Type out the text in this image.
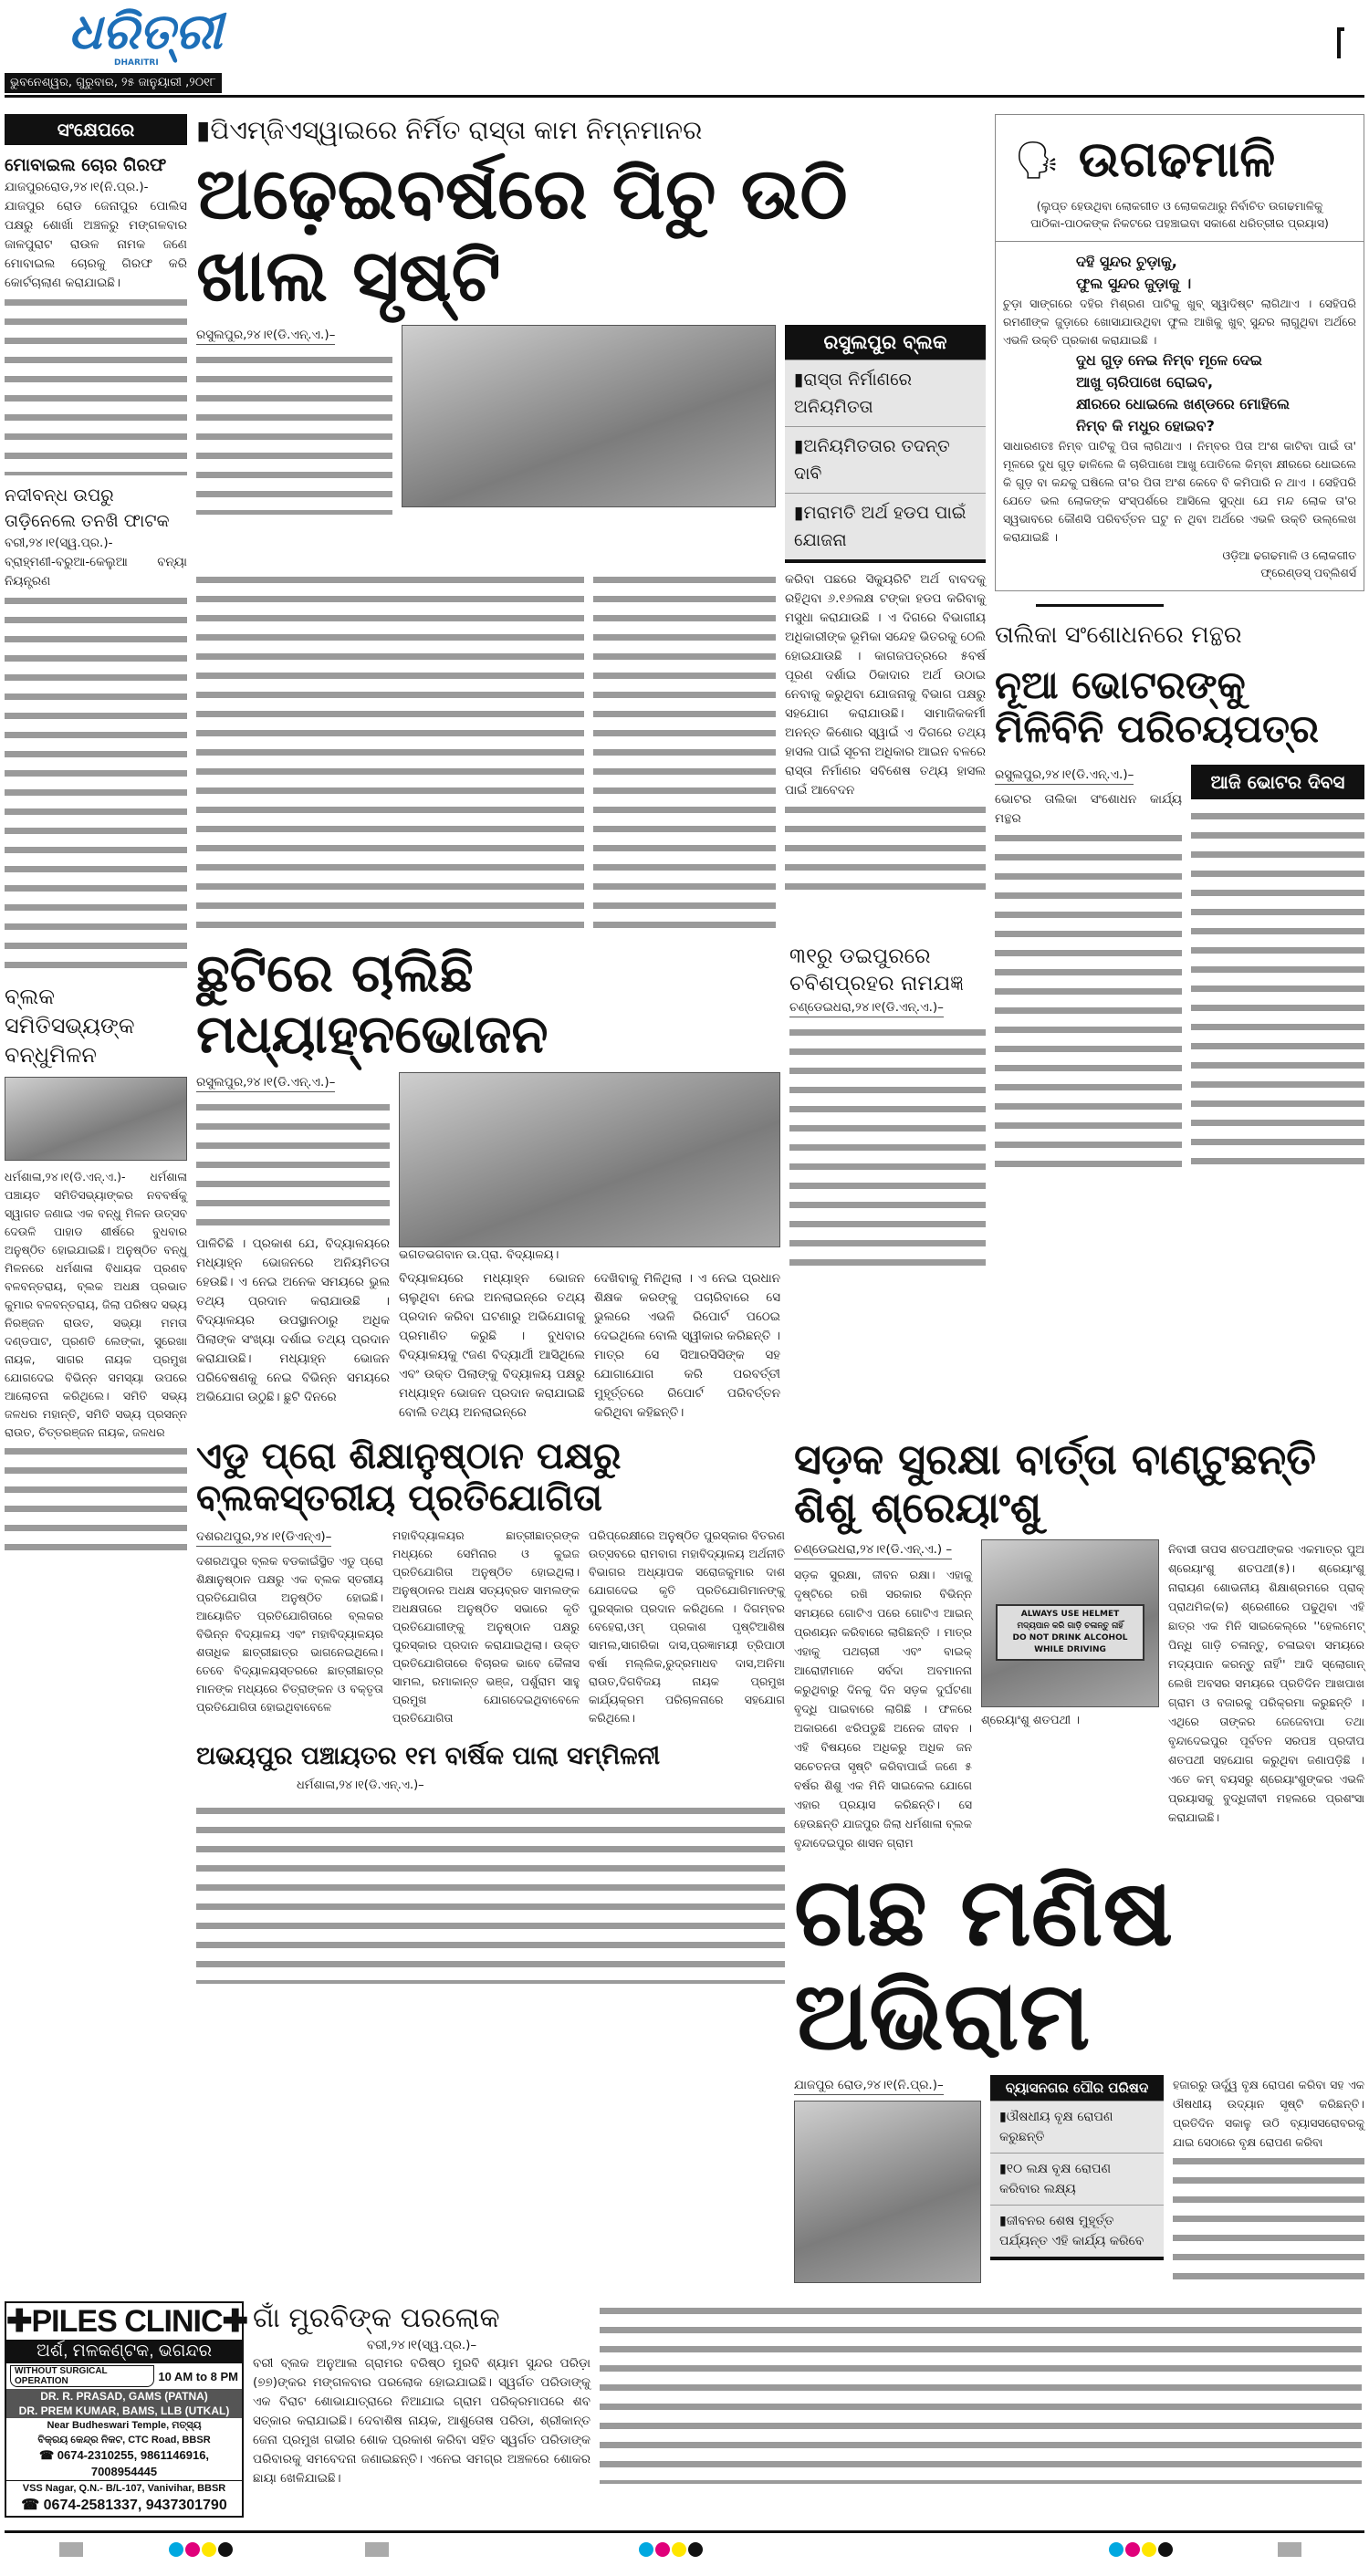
ଧରିତ୍ରୀ
DHARITRI
ଭୁବନେଶ୍ୱର, ଗୁରୁବାର, ୨୫ ଜାନୁୟାରୀ ,୨୦୧୮
ସଂକ୍ଷେପରେ
ମୋବାଇଲ ଚୋର ଗିରଫ
ଯାଜପୁରରୋଡ,୨୪।୧(ନି.ପ୍ର.)- ଯାଜପୁର ରୋଡ ଜେନାପୁର ପୋଲିସ ପକ୍ଷରୁ ଶୋର୍ଖା ଅଞ୍ଚଳରୁ ମଙ୍ଗଳବାର ଜାଳପୁରାଟ ରାଉଳ ନାମକ ଜଣେ ମୋବାଇଲ ଚୋରକୁ ଗିରଫ କରି କୋର୍ଟଚାଲାଣ କରାଯାଇଛି।
ନଦୀବନ୍ଧ ଉପରୁ ତାଡ଼ିନେଲେ ତନଖି ଫାଟକ
ବରୀ,୨୪।୧(ସ୍ୱ.ପ୍ର.)-
ବ୍ରାହ୍ମଣୀ-ବରୁଆ-କେଲୁଆ ବନ୍ୟା ନିୟନ୍ତ୍ରଣ
ବ୍ଲକ ସମିତିସଭ୍ୟଙ୍କ ବନ୍ଧୁମିଳନ
ଧର୍ମଶାଳା,୨୪।୧(ଡି.ଏନ୍.ଏ.)- ଧର୍ମଶାଳା ପଞ୍ଚାୟତ ସମିତିସଭ୍ୟାଙ୍କର ନବବର୍ଷକୁ ସ୍ୱାଗତ ଜଣାଇ ଏକ ବନ୍ଧୁ ମିଳନ ଉତ୍ସବ ଦେଉଳି ପାହାଡ ଶୀର୍ଷରେ ବୁଧବାର ଅନୁଷ୍ଠିତ ହୋଇଯାଇଛି। ଅନୁଷ୍ଠିତ ବନ୍ଧୁ ମିଳନରେ ଧର୍ମଶାଳା ବିଧାୟକ ପ୍ରଣବ ବଳବନ୍ତରାୟ, ବ୍ଲକ ଅଧକ୍ଷ ପ୍ରଭାତ କୁମାର ବଳବନ୍ତରାୟ, ଜିଲା ପରିଷଦ ସଭ୍ୟ ନିରଞ୍ଜନ ରାଉତ, ସଭ୍ୟା ମମତା ଦଣ୍ଡପାଟ, ପ୍ରଣତି ଲେଙ୍କା, ସୁରେଖା ନାୟକ, ସାଗର ନାୟକ ପ୍ରମୁଖ ଯୋଗଦେଇ ବିଭିନ୍ନ ସମସ୍ୟା ଉପରେ ଆଲୋଚନା କରିଥିଲେ। ସମିତି ସଭ୍ୟ ଜଳଧର ମହାନ୍ତି, ସମିତି ସଭ୍ୟ ପ୍ରସନ୍ନ ରାଉତ, ଚିତ୍ତରଞ୍ଜନ ନାୟକ, ଜଳଧର
▮ପିଏମ୍‌ଜିଏସ୍‌ୱାଇରେ ନିର୍ମିତ ରାସ୍ତା କାମ ନିମ୍ନମାନର
ଅଢ଼େଇବର୍ଷରେ ପିଚୁ ଉଠି ଖାଲ ସୃଷ୍ଟି
ରସୁଲପୁର,୨୪।୧(ଡି.ଏନ୍.ଏ.)–	ରସୁଲପୁର ବ୍ଲକ
▮ରାସ୍ତା ନିର୍ମାଣରେ ଅନିୟମିତତା
▮ଅନିୟମିତତାର ତଦନ୍ତ ଦାବି
▮ମରାମତି ଅର୍ଥ ହଡପ ପାଇଁ ଯୋଜନା
କରିବା ପଛରେ ସିକ୍ୟୁରିଟି ଅର୍ଥ ବାବଦକୁ ରହିଥିବା ୬.୧୬ଲକ୍ଷ ଟଙ୍କା ହଡପ କରିବାକୁ ମସୁଧା କରାଯାଉଛି । ଏ ଦିଗରେ ବିଭାଗୀୟ ଅଧିକାରୀଙ୍କ ଭୂମିକା ସନ୍ଦେହ ଭିତରକୁ ଠେଲି ହୋଇଯାଉଛି । କାଗଜପତ୍ରରେ ୫ବର୍ଷ ପୂରଣ ଦର୍ଶାଇ ଠିକାଦାର ଅର୍ଥ ଉଠାଇ ନେବାକୁ କରୁଥିବା ଯୋଜନାକୁ ବିଭାଗ ପକ୍ଷରୁ ସହଯୋଗ କରାଯାଉଛି। ସାମାଜିକକର୍ମୀ ଅନନ୍ତ କିଶୋର ସ୍ୱାଇଁ ଏ ଦିଗରେ ତଥ୍ୟ ହାସଲ ପାଇଁ ସୂଚନା ଅଧିକାର ଆଇନ ବଳରେ ରାସ୍ତା ନିର୍ମାଣର ସବିଶେଷ ତଥ୍ୟ ହାସଲ ପାଇଁ ଆବେଦନ
ଛୁଟିରେ ଚାଲିଛି ମଧ୍ୟାହ୍ନଭୋଜନ
ରସୁଲପୁର,୨୪।୧(ଡି.ଏନ୍.ଏ.)–
ପାଳିଚିଛି । ପ୍ରକାଶ ଯେ, ବିଦ୍ୟାଳୟରେ ମଧ୍ୟାହ୍ନ ଭୋଜନରେ ଅନିୟମିତତା ହେଉଛି। ଏ ନେଇ ଅନେକ ସମୟରେ ଭୁଲ ତଥ୍ୟ ପ୍ରଦାନ କରାଯାଉଛି । ବିଦ୍ୟାଳୟର ଉପସ୍ଥାନଠାରୁ ଅଧିକ ପିଲାଙ୍କ ସଂଖ୍ୟା ଦର୍ଶାଇ ତଥ୍ୟ ପ୍ରଦାନ କରାଯାଉଛି। ମଧ୍ୟାହ୍ନ ଭୋଜନ ପରିବେଷଣକୁ ନେଇ ବିଭିନ୍ନ ସମୟରେ ଅଭିଯୋଗ ଉଠୁଛି। ଛୁଟି ଦିନରେ
ଭଗତଭଗବାନ ଉ.ପ୍ରା. ବିଦ୍ୟାଳୟ।
ବିଦ୍ୟାଳୟରେ ମଧ୍ୟାହ୍ନ ଭୋଜନ ଚାଲୁଥିବା ନେଇ ଅନଲାଇନ୍‌ରେ ତଥ୍ୟ ପ୍ରଦାନ କରିବା ଘଟଣାରୁ ଅଭିଯୋଗକୁ ପ୍ରମାଣିତ କରୁଛି । ବୁଧବାର ବିଦ୍ୟାଳୟକୁ ୯ଜଣ ବିଦ୍ୟାର୍ଥୀ ଆସିଥିଲେ ଏବଂ ଉକ୍ତ ପିଲାଙ୍କୁ ବିଦ୍ୟାଳୟ ପକ୍ଷରୁ ମଧ୍ୟାହ୍ନ ଭୋଜନ ପ୍ରଦାନ କରାଯାଇଛି ବୋଲି ତଥ୍ୟ ଅନଲାଇନ୍‌ରେ
ଦେଖିବାକୁ ମିଳିଥିଲା । ଏ ନେଇ ପ୍ରଧାନ ଶିକ୍ଷକ କରଙ୍କୁ ପଚାରିବାରେ ସେ ଭୁଲରେ ଏଭଳି ରିପୋର୍ଟ ପଠେଇ ଦେଇଥିଲେ ବୋଲି ସ୍ୱୀକାର କରିଛନ୍ତି । ମାତ୍ର ସେ ସିଆରସିସିଙ୍କ ସହ ଯୋଗାଯୋଗ କରି ପରବର୍ତ୍ତୀ ମୁହୂର୍ତ୍ତରେ ରିପୋର୍ଟ ପରିବର୍ତ୍ତନ କରିଥିବା କହିଛନ୍ତି।
୩୧ରୁ ଡଇପୁରରେ ଚବିଶପ୍ରହର ନାମଯଜ୍ଞ
ଚଣ୍ଡେଇଧରା,୨୪।୧(ଡି.ଏନ୍.ଏ.)–
🗣 ଉଗଢମାଳି
(ଲୁପ୍ତ ହେଉଥିବା ଲୋକଗୀତ ଓ ଲୋକକଥାରୁ ନିର୍ବାଚିତ ଉଗଢମାଳିକୁ ପାଠିକା-ପାଠକଙ୍କ ନିକଟରେ ପହଞ୍ଚାଇବା ସକାଶେ ଧରିତ୍ରୀର ପ୍ରୟାସ)
ଦହି ସୁନ୍ଦର ଚୁଡ଼ାକୁ,
ଫୁଲ ସୁନ୍ଦର ଜୁଡ଼ାକୁ ।
ଚୁଡ଼ା ସାଙ୍ଗରେ ଦହିର ମିଶ୍ରଣ ପାଟିକୁ ଖୁବ୍ ସ୍ୱାଦିଷ୍ଟ ଲାଗିଥାଏ । ସେହିପରି ରମଣୀଙ୍କ ଜୁଡ଼ାରେ ଖୋସାଯାଉଥିବା ଫୁଲ ଆଖିକୁ ଖୁବ୍ ସୁନ୍ଦର ଲାଗୁଥିବା ଅର୍ଥରେ ଏଭଳି ଉକ୍ତି ପ୍ରକାଶ କରାଯାଇଛି ।
ଦୁଧ ଗୁଡ଼ ନେଇ ନିମ୍ବ ମୂଳେ ଦେଇ
ଆଖୁ ଚାରିପାଖେ ରୋଇବ,
କ୍ଷୀରରେ ଧୋଇଲେ ଖଣ୍ଡରେ ମୋହିଲେ
ନିମ୍ବ କି ମଧୁର ହୋଇବ?
ସାଧାରଣତଃ ନିମ୍ବ ପାଟିକୁ ପିତା ଲାଗିଥାଏ । ନିମ୍ବର ପିତା ଅଂଶ କାଟିବା ପାଇଁ ତା' ମୂଳରେ ଦୁଧ ଗୁଡ଼ ଢାଳିଲେ କି ଚାରିପାଖେ ଆଖୁ ପୋତିଲେ କିମ୍ବା କ୍ଷୀରରେ ଧୋଇଲେ କି ଗୁଡ଼ ବା କନ୍ଦକୁ ଘଷିଲେ ତା'ର ପିତା ଅଂଶ କେବେ ବି କମିପାରି ନ ଥାଏ । ସେହିପରି ଯେତେ ଭଲ ଲୋକଙ୍କ ସଂସ୍ପର୍ଶରେ ଆସିଲେ ସୁଦ୍ଧା ଯେ ମନ୍ଦ ଲୋକ ତା'ର ସ୍ୱଭାବରେ କୌଣସି ପରିବର୍ତ୍ତନ ଘଟୁ ନ ଥିବା ଅର୍ଥରେ ଏଭଳି ଉକ୍ତି ଉଲ୍ଲେଖ କରାଯାଇଛି ।
ଓଡ଼ିଆ ଢଗଢମାଳି ଓ ଲୋକଗୀତ
ଫ୍ରେଣ୍ଡସ୍ ପବ୍ଲିଶର୍ସ
ତାଲିକା ସଂଶୋଧନରେ ମନ୍ଥର
ନୂଆ ଭୋଟରଙ୍କୁ ମିଳିବିନି ପରିଚୟପତ୍ର
ରସୁଲପୁର,୨୪।୧(ଡି.ଏନ୍.ଏ.)–
ଭୋଟର ତାଲିକା ସଂଶୋଧନ କାର୍ଯ୍ୟ ମନ୍ଥର
ଆଜି ଭୋଟର ଦିବସ
ଏଡୁ ପ୍ରୋ ଶିକ୍ଷାନୁଷ୍ଠାନ ପକ୍ଷରୁ ବ୍ଲକସ୍ତରୀୟ ପ୍ରତିଯୋଗିତା
ଦଶରଥପୁର,୨୪।୧(ଡିଏନ୍‌ଏ)–
ଦଶରଥପୁର ବ୍ଲକ ବଡକାଇଁସ୍ଥିତ ଏଡୁ ପ୍ରୋ ଶିକ୍ଷାନୁଷ୍ଠାନ ପକ୍ଷରୁ ଏକ ବ୍ଲକ ସ୍ତରୀୟ ପ୍ରତିଯୋଗିତା ଅନୁଷ୍ଠିତ ହୋଇଛି। ଆୟୋଜିତ ପ୍ରତିଯୋଗିତାରେ ବ୍ଲକର ବିଭିନ୍ନ ବିଦ୍ୟାଳୟ ଏବଂ ମହାବିଦ୍ୟାଳୟର ଶତାଧିକ ଛାତ୍ରୀଛାତ୍ର ଭାଗନେଇଥିଲେ। ତେବେ ବିଦ୍ୟାଳୟସ୍ତରରେ ଛାତ୍ରୀଛାତ୍ର ମାନଙ୍କ ମଧ୍ୟରେ ଚିତ୍ରାଙ୍କନ ଓ ବକ୍ତୃତା ପ୍ରତିଯୋଗିତା ହୋଇଥିବାବେଳେ
ମହାବିଦ୍ୟାଳୟର ଛାତ୍ରୀଛାତ୍ରଙ୍କ ମଧ୍ୟରେ ସେମିନାର ଓ କୁଇଜ ପ୍ରତିଯୋଗିତା ଅନୁଷ୍ଠିତ ହୋଇଥିଲା। ଅନୁଷ୍ଠାନର ଅଧକ୍ଷ ସତ୍ୟବ୍ରତ ସାମଲଙ୍କ ଅଧକ୍ଷତାରେ ଅନୁଷ୍ଠିତ ସଭାରେ କୃତି ପ୍ରତିଯୋଗୀଙ୍କୁ ଅନୁଷ୍ଠାନ ପକ୍ଷରୁ ପୁରସ୍କାର ପ୍ରଦାନ କରାଯାଇଥିଲା। ଉକ୍ତ ପ୍ରତିଯୋଗିତାରେ ବିଚାରକ ଭାବେ କୈଳାସ ସାମଲ, ରମାକାନ୍ତ ଭଞ୍ଜ, ପର୍ଶୁରାମ ସାହୁ ପ୍ରମୁଖ ଯୋଗଦେଇଥିବାବେଳେ ପ୍ରତିଯୋଗିତା
ପରିପ୍ରେକ୍ଷୀରେ ଅନୁଷ୍ଠିତ ପୁରସ୍କାର ବିତରଣ ଉତ୍ସବରେ ରାମବାଗ ମହାବିଦ୍ୟାଳୟ ଅର୍ଥନୀତି ବିଭାଗର ଅଧ୍ୟାପକ ସରୋଜକୁମାର ଦାଶ ଯୋଗଦେଇ କୃତି ପ୍ରତିଯୋଗିମାନଙ୍କୁ ପୁରସ୍କାର ପ୍ରଦାନ କରିଥିଲେ । ଦିଗମ୍ବର ବେହେରା,ଓମ୍ ପ୍ରକାଶ ପୃଷ୍ଟିଆଶିଷ ସାମଲ,ସାଗରିକା ଦାସ,ପ୍ରଜ୍ଞାମୟୀ ତ୍ରିପାଠୀ ବର୍ଷା ମଲ୍ଲିକ,ରୁଦ୍ରମାଧବ ଦାସ,ଅନିମା ରାଉତ,ଦିଗବିଜୟ ନାୟକ ପ୍ରମୁଖ କାର୍ଯ୍ୟକ୍ରମ ପରିଚାଳନାରେ ସହଯୋଗ କରିଥିଲେ।
ଅଭୟପୁର ପଞ୍ଚାୟତର ୧ମ ବାର୍ଷିକ ପାଲା ସମ୍ମିଳନୀ
ଧର୍ମଶାଳା,୨୪।୧(ଡି.ଏନ୍.ଏ.)–
ସଡ଼କ ସୁରକ୍ଷା ବାର୍ତ୍ତା ବାଣ୍ଟୁଛନ୍ତି ଶିଶୁ ଶ୍ରେୟାଂଶୁ
ଚଣ୍ଡେଇଧରା,୨୪।୧(ଡି.ଏନ୍.ଏ.) –
ସଡ଼କ ସୁରକ୍ଷା, ଜୀବନ ରକ୍ଷା। ଏହାକୁ ଦୃଷ୍ଟିରେ ରଖି ସରକାର ବିଭିନ୍ନ ସମୟରେ ଗୋଟିଏ ପରେ ଗୋଟିଏ ଆଇନ୍ ପ୍ରଣୟନ କରିବାରେ ଲାଗିଛନ୍ତି । ମାତ୍ର ଏହାକୁ ପଥଚାରୀ ଏବଂ ବାଇକ୍ ଆରୋହୀମାନେ ସର୍ବଦା ଅବମାନନା କରୁଥିବାରୁ ଦିନକୁ ଦିନ ସଡ଼କ ଦୁର୍ଘଟଣା ବୃଦ୍ଧି ପାଇବାରେ ଲାଗିଛି । ଫଳରେ ଅକାରଣେ ଝରିପଡୁଛି ଅନେକ ଜୀବନ । ଏହି ବିଷୟରେ ଅଧିକରୁ ଅଧିକ ଜନ ସଚେତନତା ସୃଷ୍ଟି କରିବାପାଇଁ ଜଣେ ୫ ବର୍ଷର ଶିଶୁ ଏକ ମିନି ସାଇକେଲ ଯୋଗେ ଏହାର ପ୍ରୟାସ କରିଛନ୍ତି। ସେ ହେଉଛନ୍ତି ଯାଜପୁର ଜିଲା ଧର୍ମଶାଳା ବ୍ଲକ ବୃନ୍ଦାଦେଇପୁର ଶାସନ ଗ୍ରାମ
ALWAYS USE HELMET
ମଦ୍ୟପାନ କରି ଗାଡ଼ି ଚଳାନ୍ତୁ ନାହିଁ
DO NOT DRINK ALCOHOL
WHILE DRIVING
ଶ୍ରେୟାଂଶୁ ଶତପଥୀ ।
ନିବାସୀ ତାପସ ଶତପଥୀଙ୍କର ଏକମାତ୍ର ପୁଅ ଶ୍ରେୟାଂଶୁ ଶତପଥୀ(୫)। ଶ୍ରେୟାଂଶୁ ନାରାୟଣ ଶୋଭନୀୟ ଶିକ୍ଷାଶ୍ରମରେ ପ୍ରାକ୍ ପ୍ରାଥମିକ(କ) ଶ୍ରେଣୀରେ ପଢୁଥିବା ଏହି ଛାତ୍ର ଏକ ମିନି ସାଇକେଲ୍‌ରେ ''ହେଲମେଟ୍ ପିନ୍ଧି ଗାଡ଼ି ଚଳାନ୍ତୁ, ଚଳାଇବା ସମୟରେ ମଦ୍ୟପାନ କରନ୍ତୁ ନାହିଁ'' ଆଦି ସ୍ଲୋଗାନ୍ ଲେଖି ଅବସର ସମୟରେ ପ୍ରତିଦିନ ଆଖପାଖ ଗ୍ରାମ ଓ ବଜାରକୁ ପରିକ୍ରମା କରୁଛନ୍ତି । ଏଥିରେ ତାଙ୍କର ଜେଜେବାପା ତଥା ବୃନ୍ଦାଦେଇପୁର ପୂର୍ବତନ ସରପଞ୍ଚ ପ୍ରଦୀପ ଶତପଥୀ ସହଯୋଗ କରୁଥିବା ଜଣାପଡ଼ିଛି । ଏତେ କମ୍ ବୟସରୁ ଶ୍ରେୟାଂଶୁଙ୍କର ଏଭଳି ପ୍ରୟାସକୁ ବୁଦ୍ଧିଜୀବୀ ମହଲରେ ପ୍ରଶଂସା କରାଯାଇଛି।
ଗଛ ମଣିଷ ଅଭିରାମ
ଯାଜପୁର ରୋଡ,୨୪।୧(ନି.ପ୍ର.)–	ବ୍ୟାସନଗର ପୌର ପରିଷଦ
▮ଔଷଧୀୟ ବୃକ୍ଷ ରୋପଣ କରୁଛନ୍ତି
▮୧୦ ଲକ୍ଷ ବୃକ୍ଷ ରୋପଣ କରିବାର ଲକ୍ଷ୍ୟ
▮ଜୀବନର ଶେଷ ମୁହୂର୍ତ୍ତ ପର୍ଯ୍ୟନ୍ତ ଏହି କାର୍ଯ୍ୟ କରିବେ
ହଜାରରୁ ଊର୍ଦ୍ଧ୍ୱ ବୃକ୍ଷ ରୋପଣ କରିବା ସହ ଏକ ଔଷଧୀୟ ଉଦ୍ୟାନ ସୃଷ୍ଟି କରିଛନ୍ତି। ପ୍ରତିଦିନ ସକାଳୁ ଉଠି ବ୍ୟାସସରୋବରକୁ ଯାଇ ସେଠାରେ ବୃକ୍ଷ ରୋପଣ କରିବା
✚PILES CLINIC✚
ଅର୍ଶ, ମଳକଣ୍ଟକ, ଭଗନ୍ଦର
WITHOUT SURGICAL OPERATION	10 AM to 8 PM
DR. R. PRASAD, GAMS (PATNA)
DR. PREM KUMAR, BAMS, LLB (UTKAL)
Near Budheswari Temple, ମତ୍ସ୍ୟ
ବିକ୍ରୟ କେନ୍ଦ୍ର ନିକଟ, CTC Road, BBSR
☎ 0674-2310255, 9861146916, 7008954445
VSS Nagar, Q.N.- B/L-107, Vanivihar, BBSR
☎ 0674-2581337, 9437301790
ଗାଁ ମୁରବିଙ୍କ ପରଲୋକ
ବରୀ,୨୪।୧(ସ୍ୱ.ପ୍ର.)–
ବରୀ ବ୍ଲକ ଅନୁଆଲ ଗ୍ରାମର ବରିଷ୍ଠ ମୁରବି ଶ୍ୟାମ ସୁନ୍ଦର ପରିଡ଼ା (୭୭)ଙ୍କର ମଙ୍ଗଳବାର ପରଲୋକ ହୋଇଯାଇଛି। ସ୍ୱର୍ଗତ ପରିଡାଙ୍କୁ ଏକ ବିରାଟ ଶୋଭାଯାତ୍ରାରେ ନିଆଯାଇ ଗ୍ରାମ ପରିକ୍ରମାପରେ ଶବ ସତ୍କାର କରାଯାଇଛି। ଦେବାଶିଷ ନାୟକ, ଆଶୁତୋଷ ପରିଡା, ଶ୍ରୀକାନ୍ତ ଜେନା ପ୍ରମୁଖ ଗଭୀର ଶୋକ ପ୍ରକାଶ କରିବା ସହିତ ସ୍ୱର୍ଗତ ପରିଡାଙ୍କ ପରିବାରକୁ ସମବେଦନା ଜଣାଇଛନ୍ତି। ଏନେଇ ସମଗ୍ର ଅଞ୍ଚଳରେ ଶୋକର ଛାୟା ଖେଳିଯାଇଛି।
